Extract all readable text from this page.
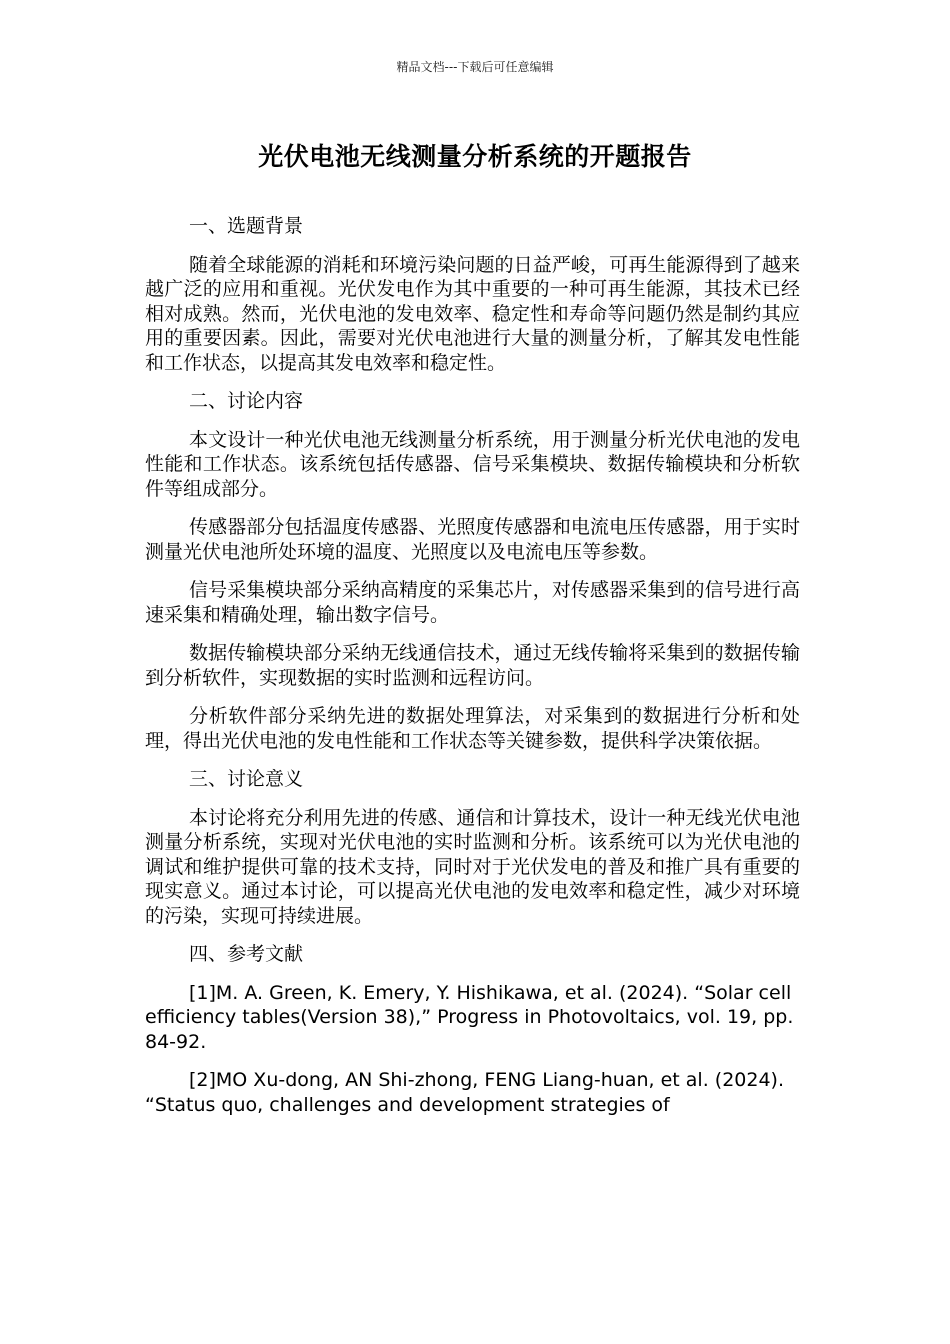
精品文档---下载后可任意编辑
光伏电池无线测量分析系统的开题报告
一、选题背景
随着全球能源的消耗和环境污染问题的日益严峻，可再生能源得到了越来越广泛的应用和重视。光伏发电作为其中重要的一种可再生能源，其技术已经相对成熟。然而，光伏电池的发电效率、稳定性和寿命等问题仍然是制约其应用的重要因素。因此，需要对光伏电池进行大量的测量分析，了解其发电性能和工作状态，以提高其发电效率和稳定性。
二、讨论内容
本文设计一种光伏电池无线测量分析系统，用于测量分析光伏电池的发电性能和工作状态。该系统包括传感器、信号采集模块、数据传输模块和分析软件等组成部分。
传感器部分包括温度传感器、光照度传感器和电流电压传感器，用于实时测量光伏电池所处环境的温度、光照度以及电流电压等参数。
信号采集模块部分采纳高精度的采集芯片，对传感器采集到的信号进行高速采集和精确处理，输出数字信号。
数据传输模块部分采纳无线通信技术，通过无线传输将采集到的数据传输到分析软件，实现数据的实时监测和远程访问。
分析软件部分采纳先进的数据处理算法，对采集到的数据进行分析和处理，得出光伏电池的发电性能和工作状态等关键参数，提供科学决策依据。
三、讨论意义
本讨论将充分利用先进的传感、通信和计算技术，设计一种无线光伏电池测量分析系统，实现对光伏电池的实时监测和分析。该系统可以为光伏电池的调试和维护提供可靠的技术支持，同时对于光伏发电的普及和推广具有重要的现实意义。通过本讨论，可以提高光伏电池的发电效率和稳定性，减少对环境的污染，实现可持续进展。
四、参考文献
[1]M. A. Green, K. Emery, Y. Hishikawa, et al. (2024). “Solar cell efficiency tables(Version 38),” Progress in Photovoltaics, vol. 19, pp. 84-92.
[2]MO Xu-dong, AN Shi-zhong, FENG Liang-huan, et al. (2024). “Status quo, challenges and development strategies of
